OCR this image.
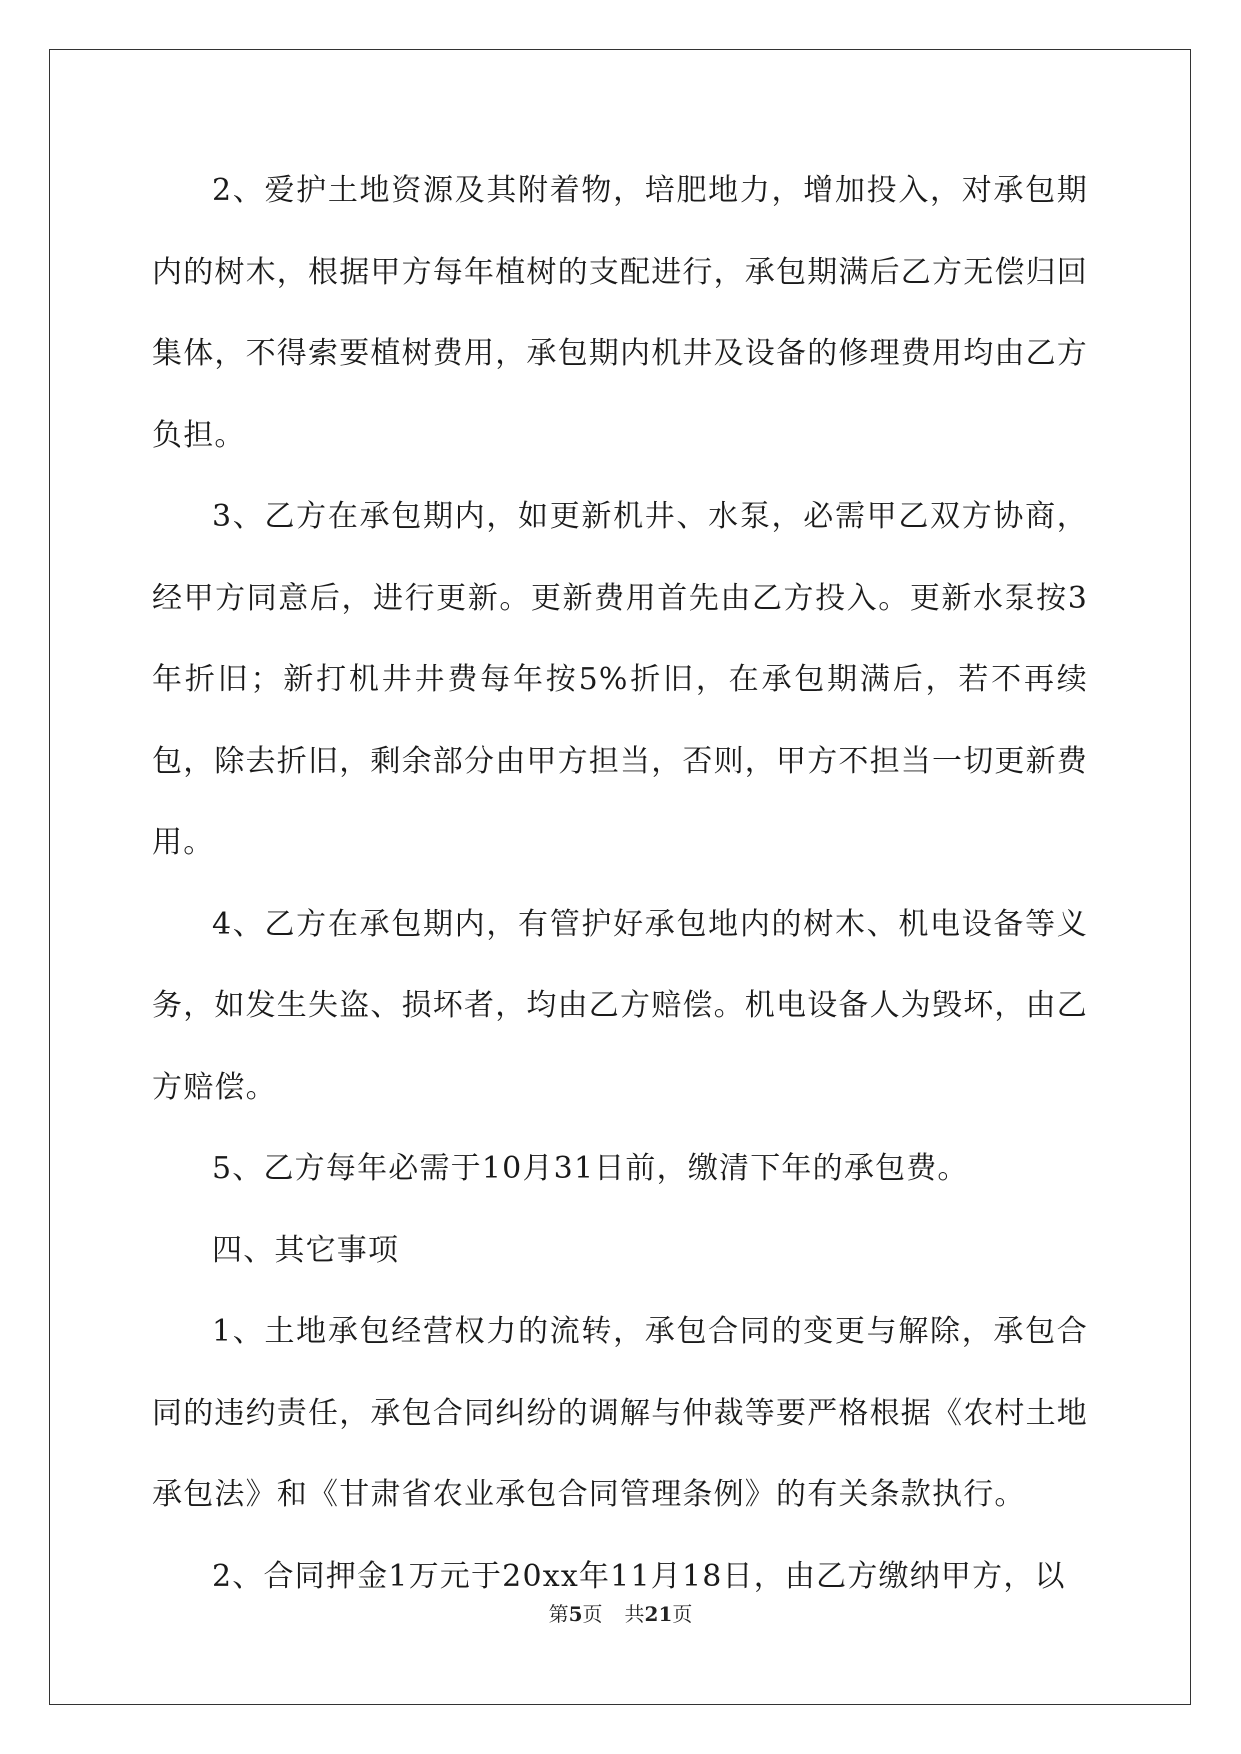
2、爱护土地资源及其附着物，培肥地力，增加投入，对承包期内的树木，根据甲方每年植树的支配进行，承包期满后乙方无偿归回集体，不得索要植树费用，承包期内机井及设备的修理费用均由乙方负担。

3、乙方在承包期内，如更新机井、水泵，必需甲乙双方协商，经甲方同意后，进行更新。更新费用首先由乙方投入。更新水泵按3年折旧；新打机井井费每年按5%折旧，在承包期满后，若不再续包，除去折旧，剩余部分由甲方担当，否则，甲方不担当一切更新费用。

4、乙方在承包期内，有管护好承包地内的树木、机电设备等义务，如发生失盗、损坏者，均由乙方赔偿。机电设备人为毁坏，由乙方赔偿。

5、乙方每年必需于10月31日前，缴清下年的承包费。

四、其它事项

1、土地承包经营权力的流转，承包合同的变更与解除，承包合同的违约责任，承包合同纠纷的调解与仲裁等要严格根据《农村土地承包法》和《甘肃省农业承包合同管理条例》的有关条款执行。

2、合同押金1万元于20xx年11月18日，由乙方缴纳甲方，以

第5页 共21页
